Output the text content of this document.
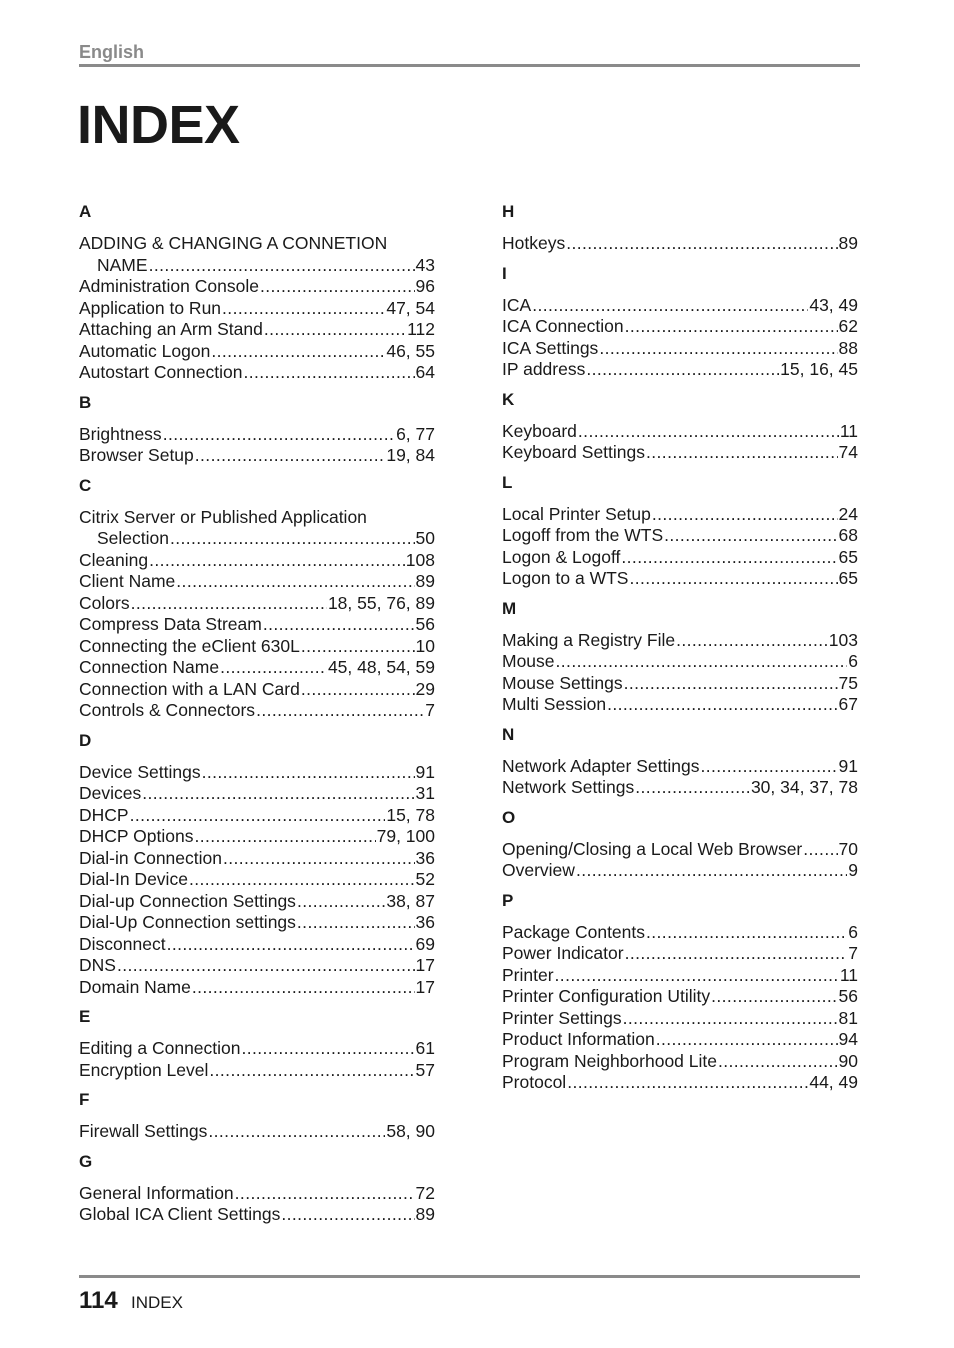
English
INDEX
A
ADDING & CHANGING A CONNETION
NAME .....	43
Administration Console .....	96
Application to Run .....	47, 54
Attaching an Arm Stand .....	112
Automatic Logon .....	46, 55
Autostart Connection .....	64
B
Brightness .....	6, 77
Browser Setup .....	19, 84
C
Citrix Server or Published Application
Selection .....	50
Cleaning .....	108
Client Name .....	89
Colors .....	18, 55, 76, 89
Compress Data Stream .....	56
Connecting the eClient 630L .....	10
Connection Name .....	45, 48, 54, 59
Connection with a LAN Card .....	29
Controls & Connectors .....	7
D
Device Settings .....	91
Devices .....	31
DHCP .....	15, 78
DHCP Options .....	79, 100
Dial-in Connection .....	36
Dial-In Device .....	52
Dial-up Connection Settings .....	38, 87
Dial-Up Connection settings .....	36
Disconnect .....	69
DNS .....	17
Domain Name .....	17
E
Editing a Connection .....	61
Encryption Level .....	57
F
Firewall Settings .....	58, 90
G
General Information .....	72
Global ICA Client Settings .....	89
H
Hotkeys .....	89
I
ICA .....	43, 49
ICA Connection .....	62
ICA Settings .....	88
IP address .....	15, 16, 45
K
Keyboard .....	11
Keyboard Settings .....	74
L
Local Printer Setup .....	24
Logoff from the WTS .....	68
Logon & Logoff .....	65
Logon to a WTS .....	65
M
Making a Registry File .....	103
Mouse .....	6
Mouse Settings .....	75
Multi Session .....	67
N
Network Adapter Settings .....	91
Network Settings .....	30, 34, 37, 78
O
Opening/Closing a Local Web Browser ..... 70
Overview .....	9
P
Package Contents .....	6
Power Indicator .....	7
Printer .....	11
Printer Configuration Utility .....	56
Printer Settings .....	81
Product Information .....	94
Program Neighborhood Lite .....	90
Protocol .....	44, 49
114 INDEX
